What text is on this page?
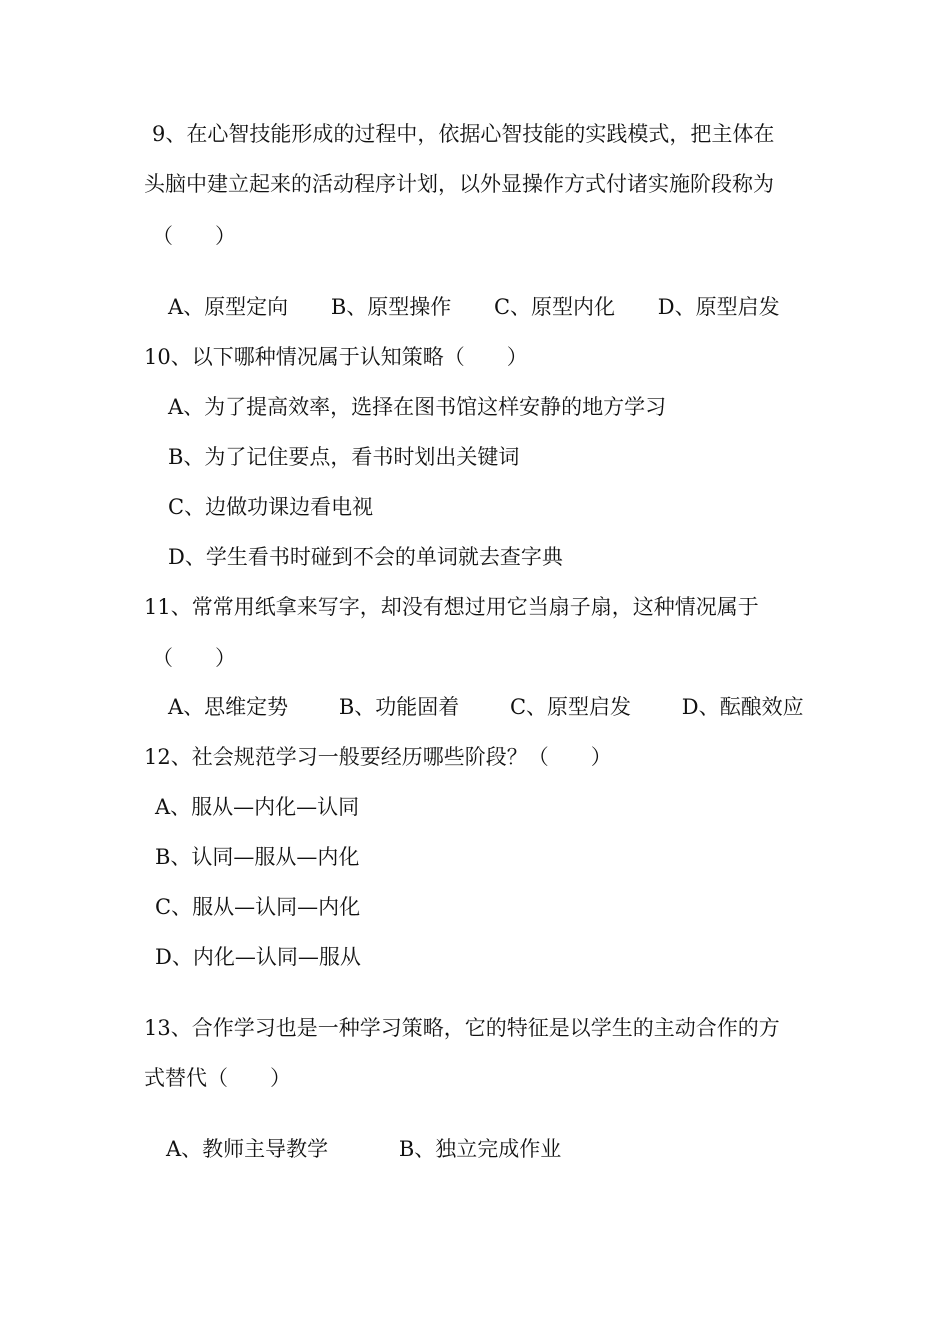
9、在心智技能形成的过程中，依据心智技能的实践模式，把主体在
头脑中建立起来的活动程序计划，以外显操作方式付诸实施阶段称为
（　　）
A、原型定向 B、原型操作 C、原型内化 D、原型启发
10、以下哪种情况属于认知策略（　　）
A、为了提高效率，选择在图书馆这样安静的地方学习
B、为了记住要点，看书时划出关键词
C、边做功课边看电视
D、学生看书时碰到不会的单词就去查字典
11、常常用纸拿来写字，却没有想过用它当扇子扇，这种情况属于
（　　）
A、思维定势 B、功能固着 C、原型启发 D、酝酿效应
12、社会规范学习一般要经历哪些阶段？（　　）
A、服从—内化—认同
B、认同—服从—内化
C、服从—认同—内化
D、内化—认同—服从
13、合作学习也是一种学习策略，它的特征是以学生的主动合作的方
式替代（　　）
A、教师主导教学	B、独立完成作业
